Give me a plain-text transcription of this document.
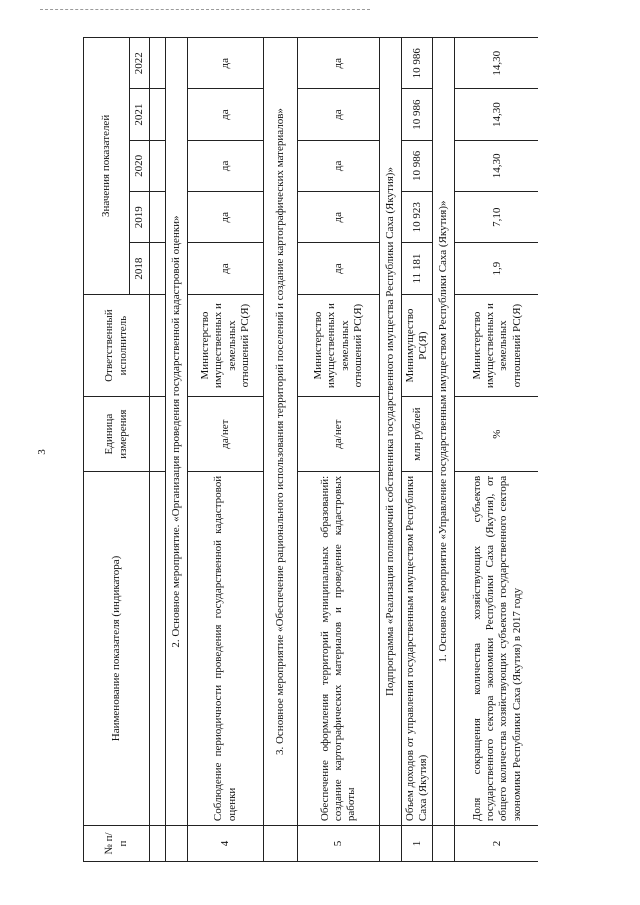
3
№ п/п	Наименование показателя (индикатора)	Единица измерения	Ответственный исполнитель	Значения показателей				
				2018	2019	2020	2021	2022

	2. Основное мероприятие. «Организация проведения государственной кадастровой оценки»							
4	Соблюдение периодичности проведения государственной кадастровой оценки	да/нет	Министерство имущественных и земельных отношений РС(Я)	да	да	да	да	да
	3. Основное мероприятие «Обеспечение рационального использования территорий поселений и создание картографических материалов»							
5	Обеспечение оформления территорий муниципальных образований: создание картографических материалов и проведение кадастровых работы	да/нет	Министерство имущественных и земельных отношений РС(Я)	да	да	да	да	да
	Подпрограмма «Реализация полномочий собственника государственного имущества Республики Саха (Якутия)»							
1	Объем доходов от управления государственным имуществом Республики Саха (Якутия)	млн рублей	Минимущество РС(Я)	11 181	10 923	10 986	10 986	10 986
	1. Основное мероприятие «Управление государственным имуществом Республики Саха (Якутия)»							
2	Доля сокращения количества хозяйствующих субъектов государственного сектора экономики Республики Саха (Якутия), от общего количества хозяйствующих субъектов государственного сектора экономики Республики Саха (Якутия) в 2017 году	%	Министерство имущественных и земельных отношений РС(Я)	1,9	7,10	14,30	14,30	14,30
